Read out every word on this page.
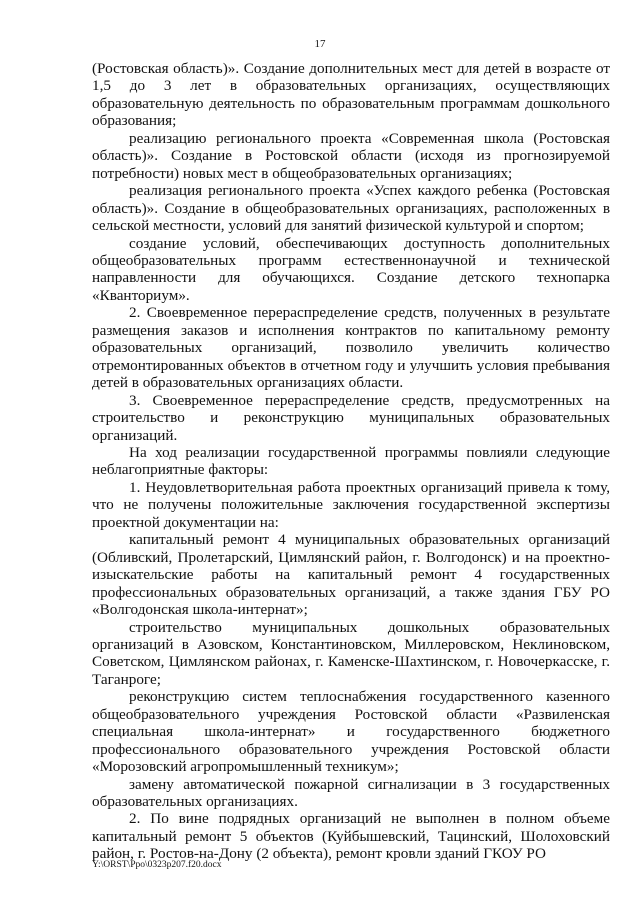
17

(Ростовская область)». Создание дополнительных мест для детей в возрасте от 1,5 до 3 лет в образовательных организациях, осуществляющих образовательную деятельность по образовательным программам дошкольного образования;

реализацию регионального проекта «Современная школа (Ростовская область)». Создание в Ростовской области (исходя из прогнозируемой потребности) новых мест в общеобразовательных организациях;

реализация регионального проекта «Успех каждого ребенка (Ростовская область)». Создание в общеобразовательных организациях, расположенных в сельской местности, условий для занятий физической культурой и спортом;

создание условий, обеспечивающих доступность дополнительных общеобразовательных программ естественнонаучной и технической направленности для обучающихся. Создание детского технопарка «Кванториум».

2. Своевременное перераспределение средств, полученных в результате размещения заказов и исполнения контрактов по капитальному ремонту образовательных организаций, позволило увеличить количество отремонтированных объектов в отчетном году и улучшить условия пребывания детей в образовательных организациях области.

3. Своевременное перераспределение средств, предусмотренных на строительство и реконструкцию муниципальных образовательных организаций.

На ход реализации государственной программы повлияли следующие неблагоприятные факторы:

1. Неудовлетворительная работа проектных организаций привела к тому, что не получены положительные заключения государственной экспертизы проектной документации на:

капитальный ремонт 4 муниципальных образовательных организаций (Обливский, Пролетарский, Цимлянский район, г. Волгодонск) и на проектно-изыскательские работы на капитальный ремонт 4 государственных профессиональных образовательных организаций, а также здания ГБУ РО «Волгодонская школа-интернат»;

строительство муниципальных дошкольных образовательных организаций в Азовском, Константиновском, Миллеровском, Неклиновском, Советском, Цимлянском районах, г. Каменске-Шахтинском, г. Новочеркасске, г. Таганроге;

реконструкцию систем теплоснабжения государственного казенного общеобразовательного учреждения Ростовской области «Развиленская специальная школа-интернат» и государственного бюджетного профессионального образовательного учреждения Ростовской области «Морозовский агропромышленный техникум»;

замену автоматической пожарной сигнализации в 3 государственных образовательных организациях.

2. По вине подрядных организаций не выполнен в полном объеме капитальный ремонт 5 объектов (Куйбышевский, Тацинский, Шолоховский район, г. Ростов-на-Дону (2 объекта), ремонт кровли зданий ГКОУ РО

Y:\ORST\Ppo\0323p207.f20.docx
